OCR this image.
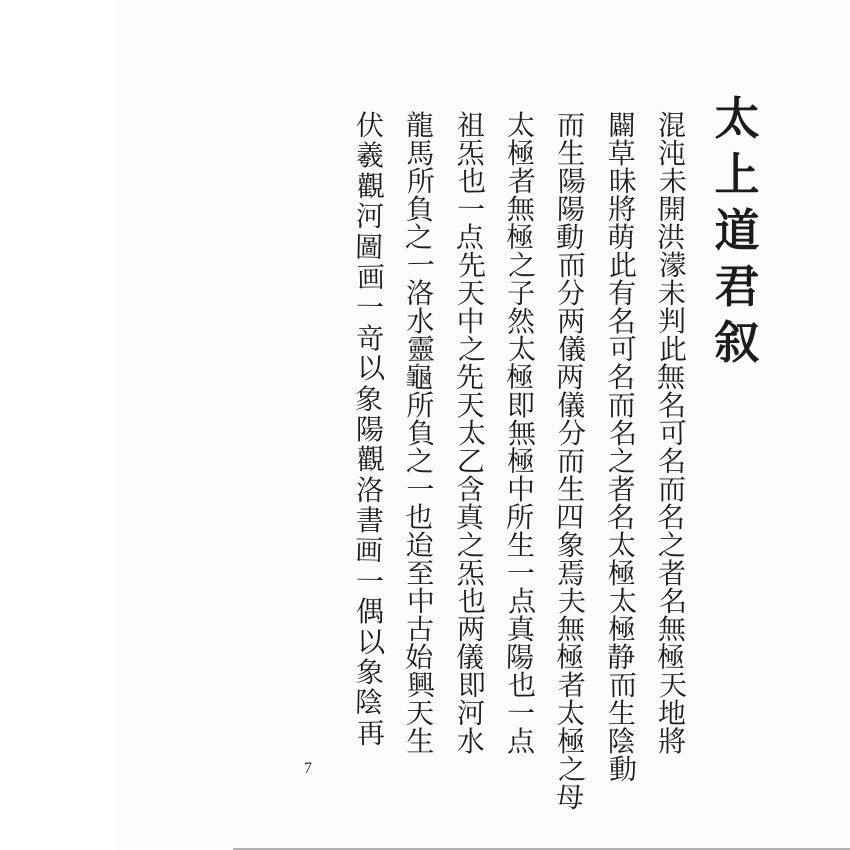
太
上
道
君
叙
混
沌
未
開
洪
濛
未
判
此
無
名
可
名
而
名
之
者
名
無
極
天
地
將
闢
草
昧
將
萌
此
有
名
可
名
而
名
之
者
名
太
極
太
極
静
而
生
陰
動
而
生
陽
陽
動
而
分
两
儀
两
儀
分
而
生
四
象
焉
夫
無
極
者
太
極
之
母
太
極
者
無
極
之
子
然
太
極
即
無
極
中
所
生
一
点
真
陽
也
一
点
祖
炁
也
一
点
先
天
中
之
先
天
太
乙
含
真
之
炁
也
两
儀
即
河
水
龍
馬
所
負
之
一
洛
水
靈
龜
所
負
之
一
也
迨
至
中
古
始
興
天
生
伏
羲
觀
河
圖
画
一
竒
以
象
陽
觀
洛
書
画
一
偶
以
象
陰
再
7
